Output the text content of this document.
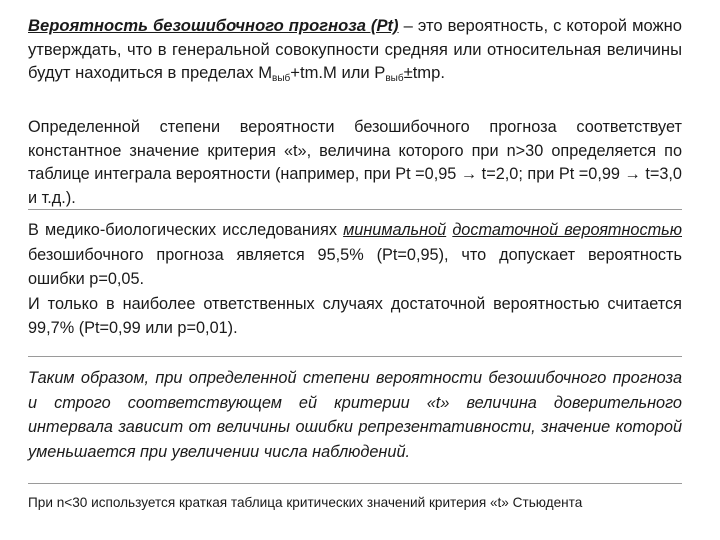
Вероятность безошибочного прогноза (Pt) – это вероятность, с которой можно утверждать, что в генеральной совокупности средняя или относительная величины будут находиться в пределах $M_{выб}+tm.M$ или $P_{выб}\pm tmp$.
Определенной степени вероятности безошибочного прогноза соответствует константное значение критерия «t», величина которого при n>30 определяется по таблице интеграла вероятности (например, при Pt =0,95 → t=2,0; при Pt =0,99 → t=3,0 и т.д.).
В медико-биологических исследованиях минимальной достаточной вероятностью безошибочного прогноза является 95,5% (Pt=0,95), что допускает вероятность ошибки p=0,05.
И только в наиболее ответственных случаях достаточной вероятностью считается 99,7% (Pt=0,99 или p=0,01).
Таким образом, при определенной степени вероятности безошибочного прогноза и строго соответствующем ей критерии «t» величина доверительного интервала зависит от величины ошибки репрезентативности, значение которой уменьшается при увеличении числа наблюдений.
При n<30 используется краткая таблица критических значений критерия «t» Стьюдента
